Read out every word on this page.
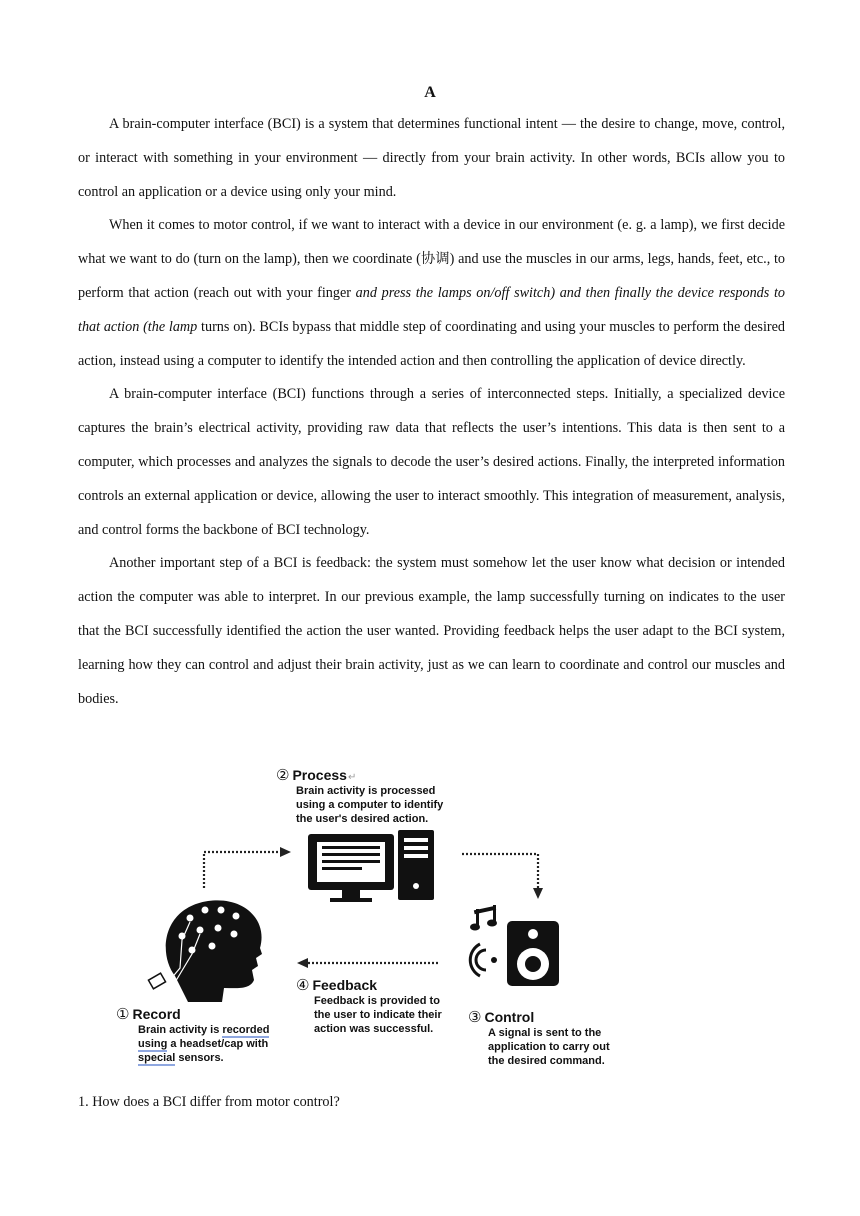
A

A brain-computer interface (BCI) is a system that determines functional intent — the desire to change, move, control, or interact with something in your environment — directly from your brain activity. In other words, BCIs allow you to control an application or a device using only your mind.

When it comes to motor control, if we want to interact with a device in our environment (e. g. a lamp), we first decide what we want to do (turn on the lamp), then we coordinate (协调) and use the muscles in our arms, legs, hands, feet, etc., to perform that action (reach out with your finger and press the lamps on/off switch) and then finally the device responds to that action (the lamp turns on). BCIs bypass that middle step of coordinating and using your muscles to perform the desired action, instead using a computer to identify the intended action and then controlling the application of device directly.

A brain-computer interface (BCI) functions through a series of interconnected steps. Initially, a specialized device captures the brain’s electrical activity, providing raw data that reflects the user’s intentions. This data is then sent to a computer, which processes and analyzes the signals to decode the user’s desired actions. Finally, the interpreted information controls an external application or device, allowing the user to interact smoothly. This integration of measurement, analysis, and control forms the backbone of BCI technology.

Another important step of a BCI is feedback: the system must somehow let the user know what decision or intended action the computer was able to interpret. In our previous example, the lamp successfully turning on indicates to the user that the BCI successfully identified the action the user wanted. Providing feedback helps the user adapt to the BCI system, learning how they can control and adjust their brain activity, just as we can learn to coordinate and control our muscles and bodies.

② Process↵
Brain activity is processed
using a computer to identify
the user's desired action.
④ Feedback
Feedback is provided to
the user to indicate their
action was successful.
③ Control
A signal is sent to the
application to carry out
the desired command.
① Record
Brain activity is recorded
using a headset/cap with
special sensors.
1. How does a BCI differ from motor control?
